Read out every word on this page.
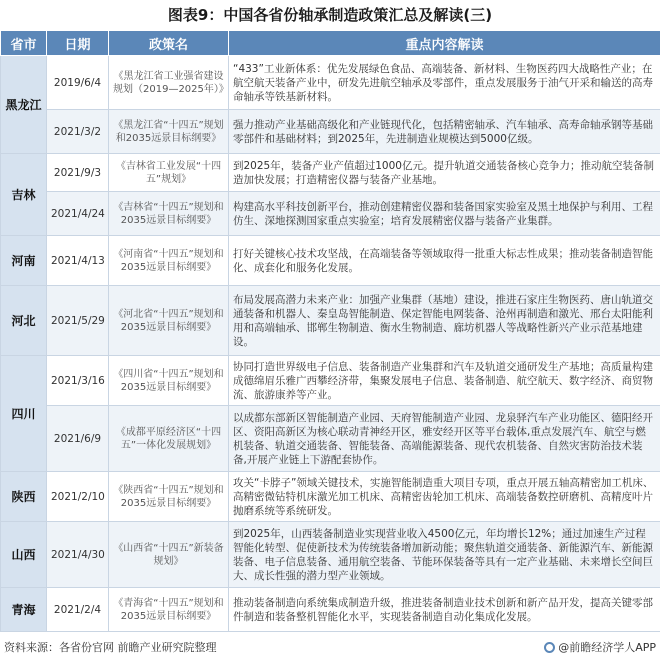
图表9：中国各省份轴承制造政策汇总及解读(三)
省市	日期	政策名	重点内容解读
黑龙江	2019/6/4	《黑龙江省工业强省建设规划（2019—2025年）》	“433”工业新体系：优先发展绿色食品、高端装备、新材料、生物医药四大战略性产业；在航空航天装备产业中，研发先进航空轴承及零部件，重点发展服务于油气开采和输送的高寿命轴承等铁基新材料。
	2021/3/2	《黑龙江省“十四五”规划和2035远景目标纲要》	强力推动产业基础高级化和产业链现代化，包括精密轴承、汽车轴承、高寿命轴承钢等基础零部件和基础材料；到2025年，先进制造业规模达到5000亿级。
吉林	2021/9/3	《吉林省工业发展“十四五”规划》	到2025年，装备产业产值超过1000亿元。提升轨道交通装备核心竞争力；推动航空装备制造加快发展；打造精密仪器与装备产业基地。
	2021/4/24	《吉林省“十四五”规划和2035远景目标纲要》	构建高水平科技创新平台，推动创建精密仪器和装备国家实验室及黑土地保护与利用、工程仿生、深地探测国家重点实验室；培育发展精密仪器与装备产业集群。
河南	2021/4/13	《河南省“十四五”规划和2035远景目标纲要》	打好关键核心技术攻坚战，在高端装备等领域取得一批重大标志性成果；推动装备制造智能化、成套化和服务化发展。
河北	2021/5/29	《河北省“十四五”规划和2035远景目标纲要》	布局发展高潜力未来产业：加强产业集群（基地）建设，推进石家庄生物医药、唐山轨道交通装备和机器人、秦皇岛智能制造、保定智能电网装备、沧州再制造和激光、邢台太阳能利用和高端轴承、邯郸生物制造、衡水生物制造、廊坊机器人等战略性新兴产业示范基地建设。
四川	2021/3/16	《四川省“十四五”规划和2035远景目标纲要》	协同打造世界级电子信息、装备制造产业集群和汽车及轨道交通研发生产基地；高质量构建成德绵眉乐雅广西攀经济带，集聚发展电子信息、装备制造、航空航天、数字经济、商贸物流、旅游康养等产业。
	2021/6/9	《成都平原经济区“十四五”一体化发展规划》	以成都东部新区智能制造产业园、天府智能制造产业园、龙泉驿汽车产业功能区、德阳经开区、资阳高新区为核心联动青神经开区，雅安经开区等平台载体,重点发展汽车、航空与燃机装备、轨道交通装备、智能装备、高端能源装备、现代农机装备、自然灾害防治技术装备,开展产业链上下游配套协作。
陕西	2021/2/10	《陕西省“十四五”规划和2035远景目标纲要》	攻关“卡脖子”领域关键技术，实施智能制造重大项目专项，重点开展五轴高精密加工机床、高精密微钻特机床激光加工机床、高精密齿轮加工机床、高端装备数控研磨机、高精度叶片抛磨系统等系统研发。
山西	2021/4/30	《山西省“十四五”新装备规划》	到2025年，山西装备制造业实现营业收入4500亿元，年均增长12%；通过加速生产过程智能化转型、促使新技术为传统装备增加新动能；聚焦轨道交通装备、新能源汽车、新能源装备、电子信息装备、通用航空装备、节能环保装备等具有一定产业基础、未来增长空间巨大、成长性强的潜力型产业领域。
青海	2021/2/4	《青海省“十四五”规划和2035远景目标纲要》	推动装备制造向系统集成制造升级，推进装备制造业技术创新和新产品开发，提高关键零部件制造和装备整机智能化水平，实现装备制造自动化集成化发展。
资料来源：各省份官网 前瞻产业研究院整理	@前瞻经济学人APP
